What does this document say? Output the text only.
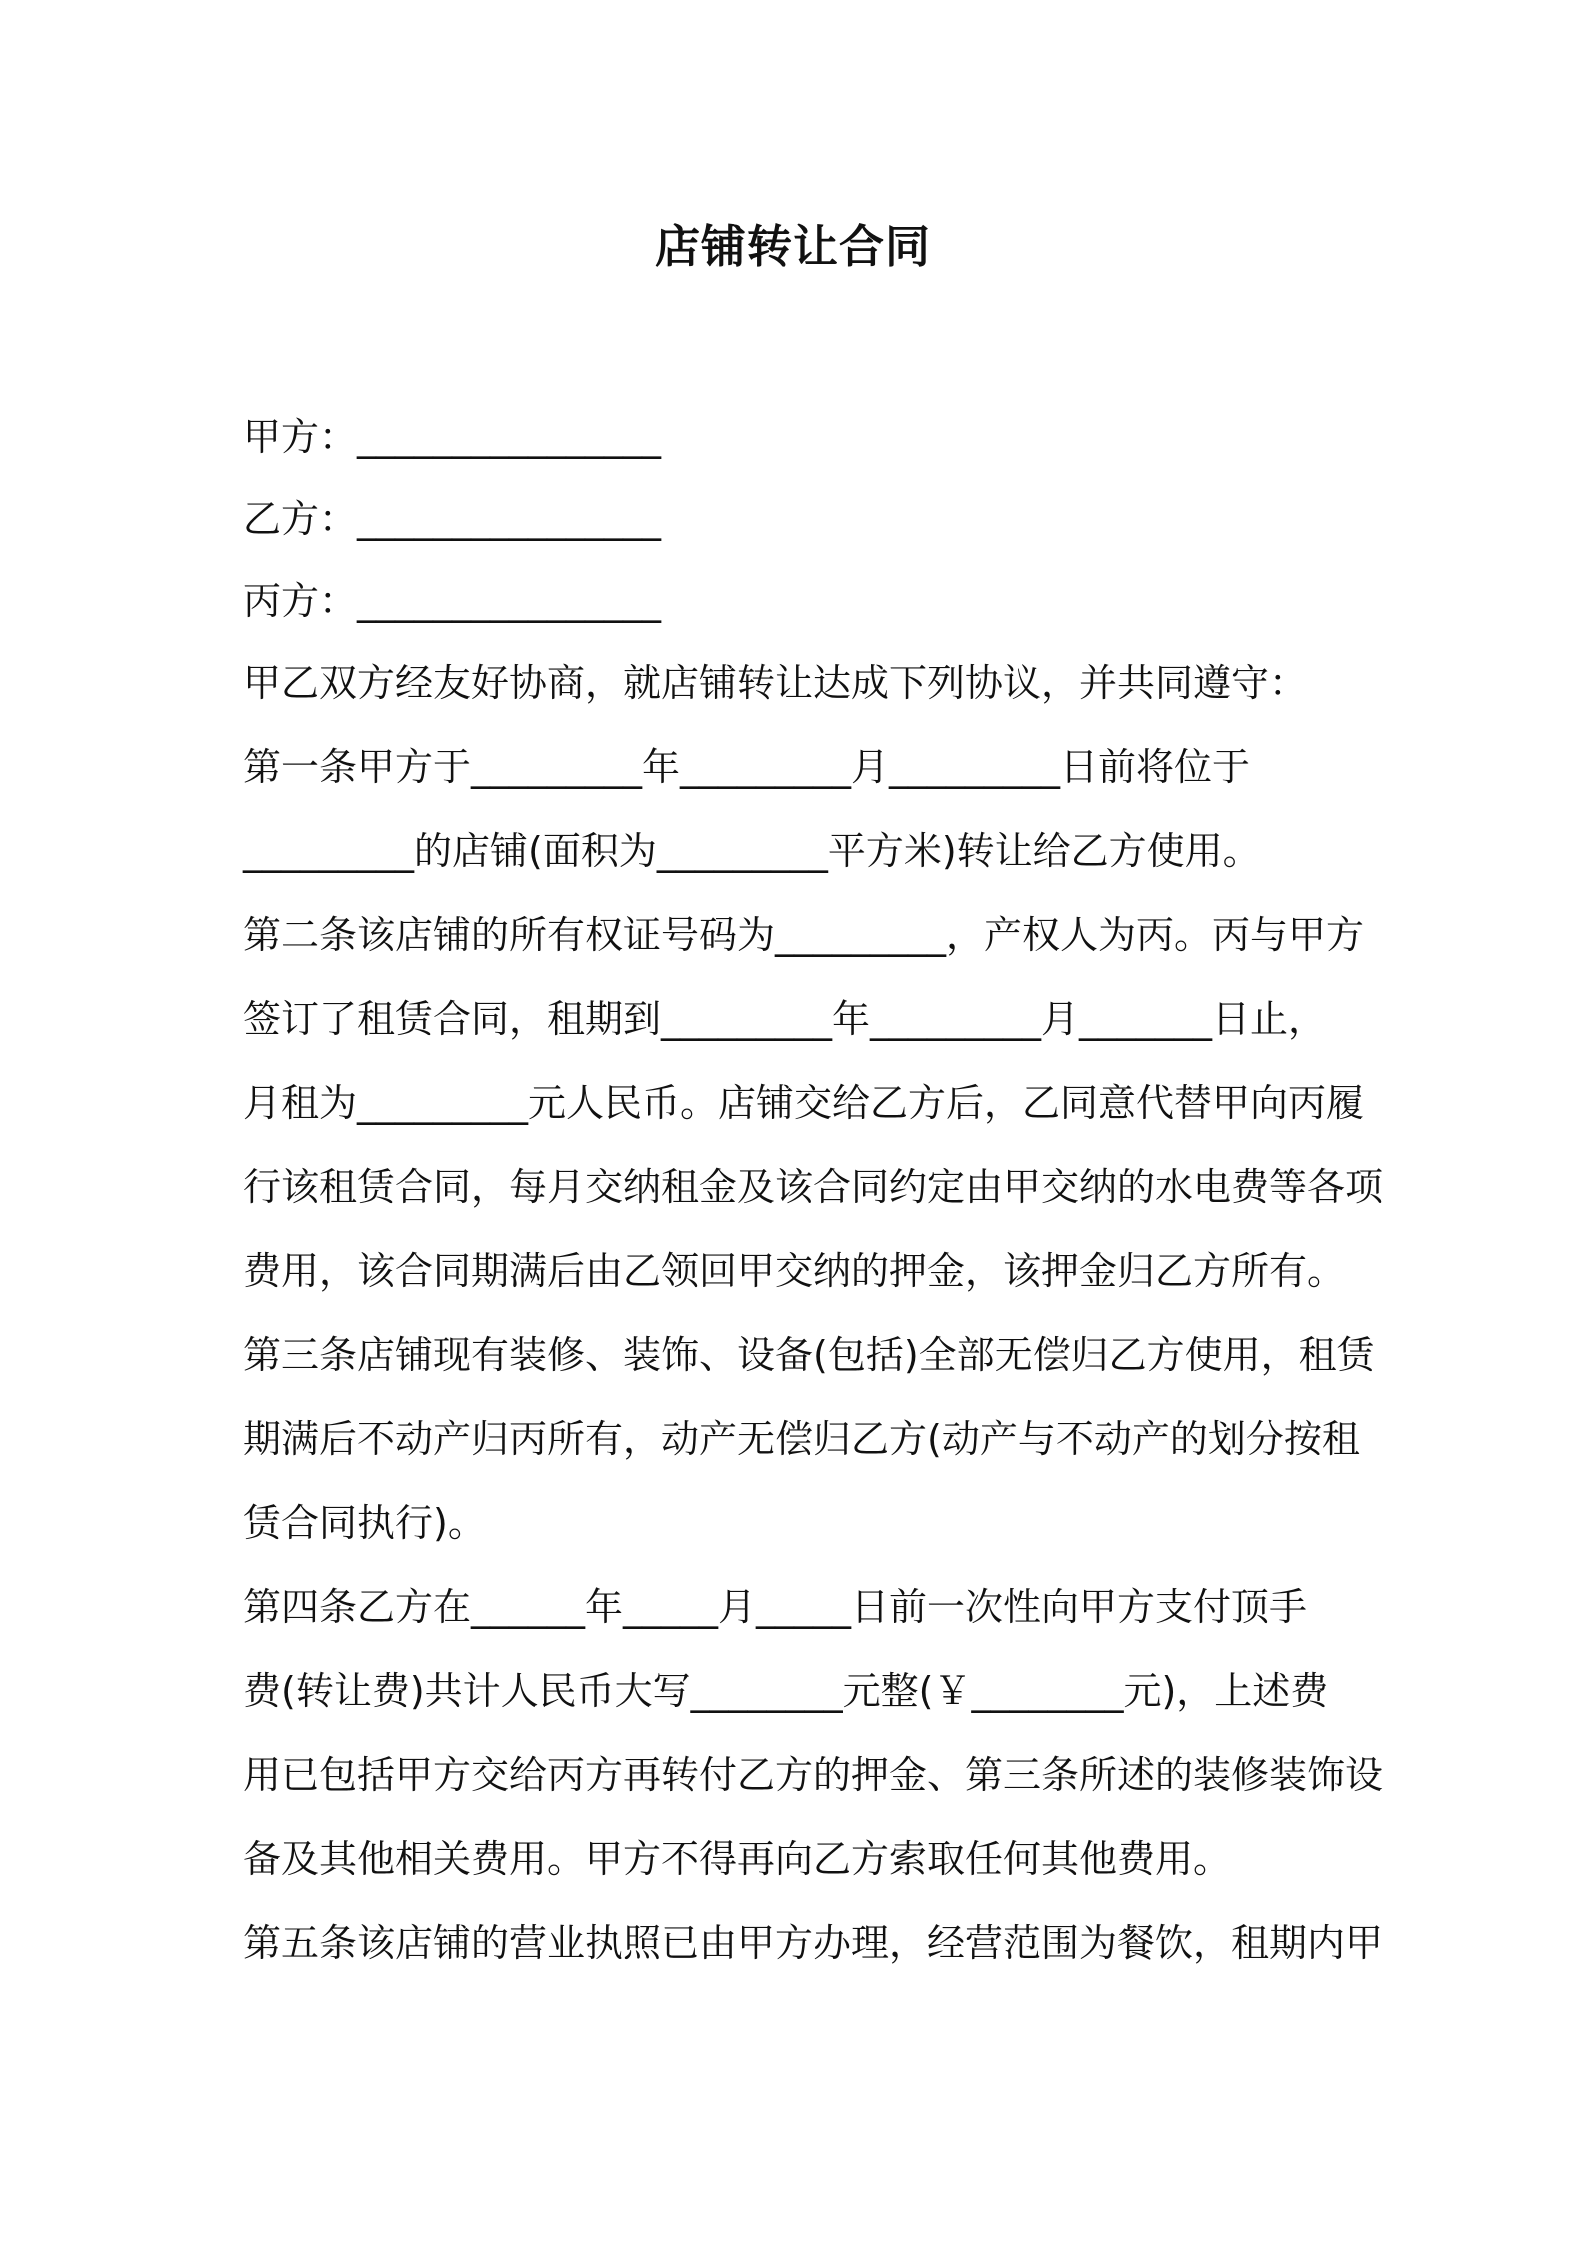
店铺转让合同
甲方：________________
乙方：________________
丙方：________________
甲乙双方经友好协商，就店铺转让达成下列协议，并共同遵守：
第一条甲方于_________年_________月_________日前将位于
_________的店铺(面积为_________平方米)转让给乙方使用。
第二条该店铺的所有权证号码为_________，产权人为丙。丙与甲方
签订了租赁合同，租期到_________年_________月_______日止，
月租为_________元人民币。店铺交给乙方后，乙同意代替甲向丙履
行该租赁合同，每月交纳租金及该合同约定由甲交纳的水电费等各项
费用，该合同期满后由乙领回甲交纳的押金，该押金归乙方所有。
第三条店铺现有装修、装饰、设备(包括)全部无偿归乙方使用，租赁
期满后不动产归丙所有，动产无偿归乙方(动产与不动产的划分按租
赁合同执行)。
第四条乙方在______年_____月_____日前一次性向甲方支付顶手
费(转让费)共计人民币大写________元整(￥________元)，上述费
用已包括甲方交给丙方再转付乙方的押金、第三条所述的装修装饰设
备及其他相关费用。甲方不得再向乙方索取任何其他费用。
第五条该店铺的营业执照已由甲方办理，经营范围为餐饮，租期内甲
